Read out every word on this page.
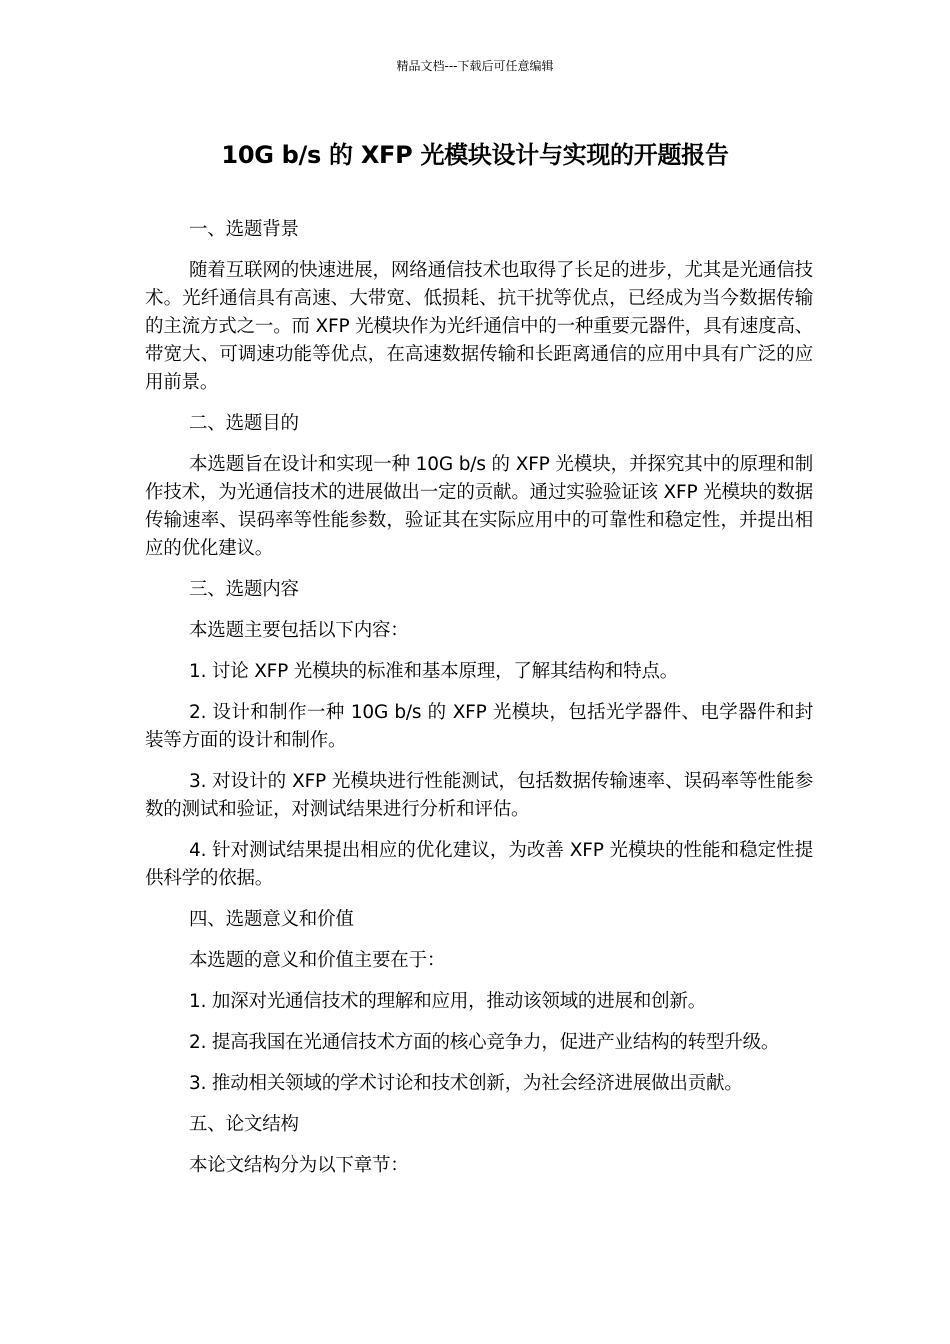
精品文档---下载后可任意编辑
10G b/s 的 XFP 光模块设计与实现的开题报告

一、选题背景

随着互联网的快速进展，网络通信技术也取得了长足的进步，尤其是光通信技术。光纤通信具有高速、大带宽、低损耗、抗干扰等优点，已经成为当今数据传输的主流方式之一。而 XFP 光模块作为光纤通信中的一种重要元器件，具有速度高、带宽大、可调速功能等优点，在高速数据传输和长距离通信的应用中具有广泛的应用前景。

二、选题目的

本选题旨在设计和实现一种 10G b/s 的 XFP 光模块，并探究其中的原理和制作技术，为光通信技术的进展做出一定的贡献。通过实验验证该 XFP 光模块的数据传输速率、误码率等性能参数，验证其在实际应用中的可靠性和稳定性，并提出相应的优化建议。

三、选题内容

本选题主要包括以下内容：

1. 讨论 XFP 光模块的标准和基本原理，了解其结构和特点。

2. 设计和制作一种 10G b/s 的 XFP 光模块，包括光学器件、电学器件和封装等方面的设计和制作。

3. 对设计的 XFP 光模块进行性能测试，包括数据传输速率、误码率等性能参数的测试和验证，对测试结果进行分析和评估。

4. 针对测试结果提出相应的优化建议，为改善 XFP 光模块的性能和稳定性提供科学的依据。

四、选题意义和价值

本选题的意义和价值主要在于：

1. 加深对光通信技术的理解和应用，推动该领域的进展和创新。

2. 提高我国在光通信技术方面的核心竞争力，促进产业结构的转型升级。

3. 推动相关领域的学术讨论和技术创新，为社会经济进展做出贡献。

五、论文结构

本论文结构分为以下章节：
